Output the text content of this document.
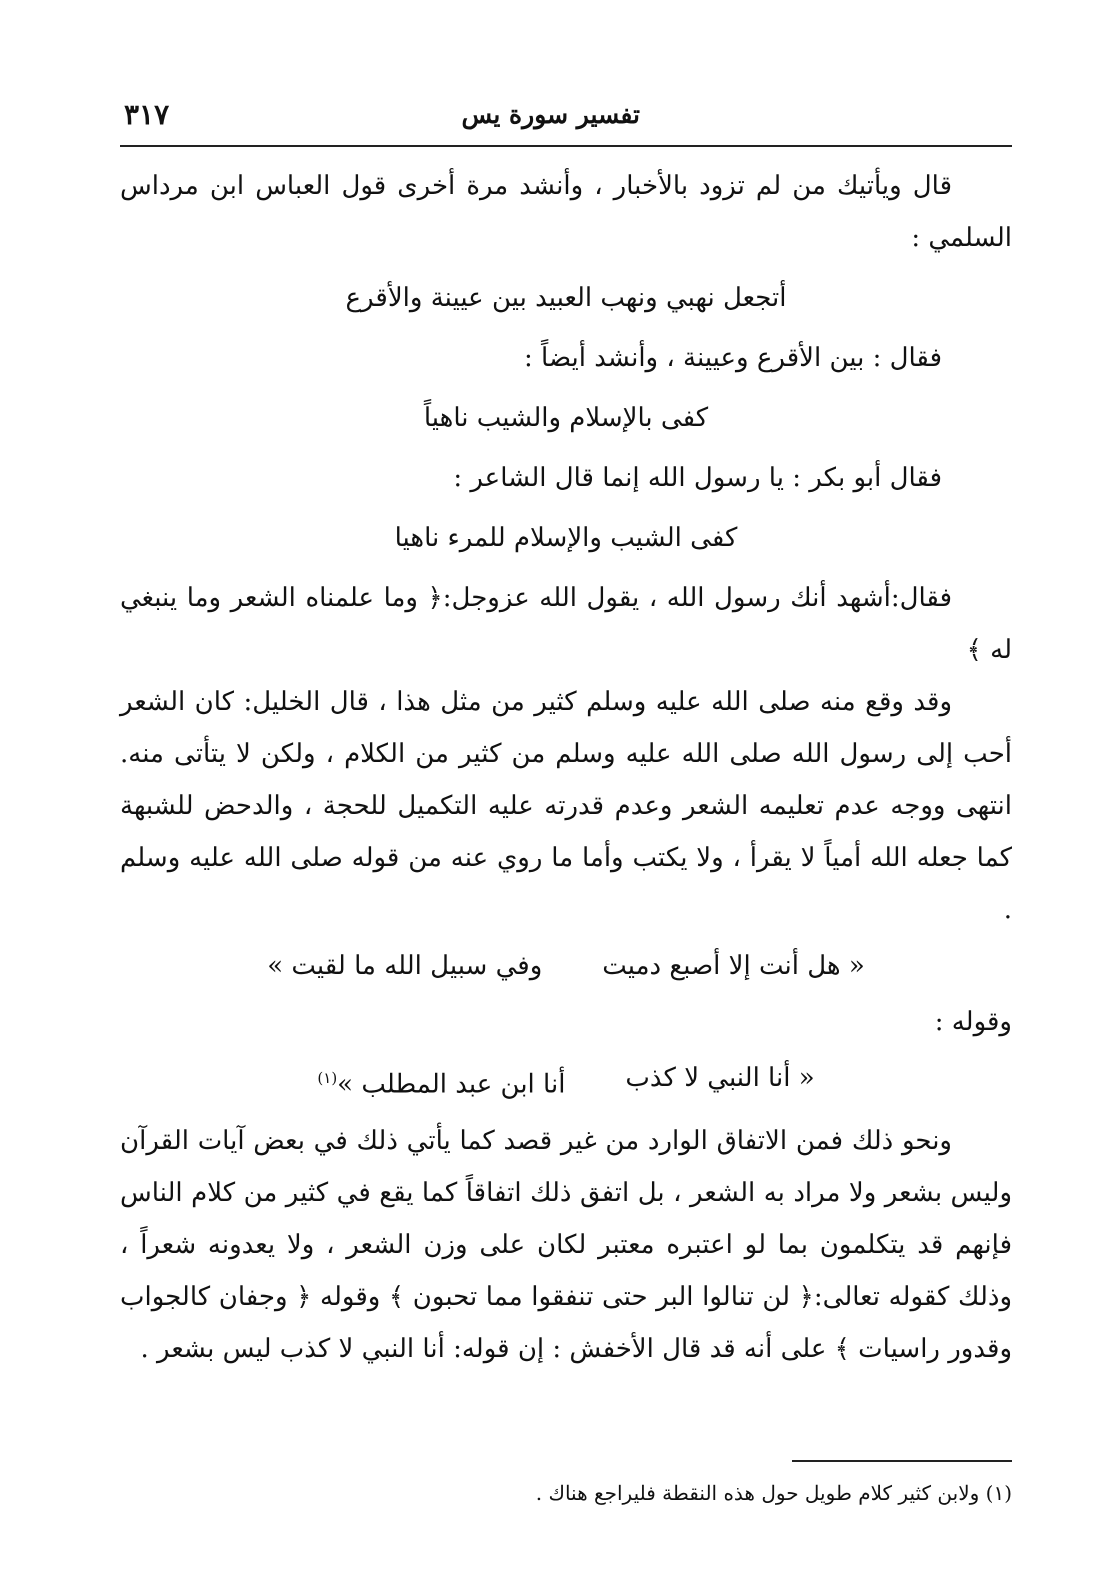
تفسير سورة يس
٣١٧

قال ويأتيك من لم تزود بالأخبار ، وأنشد مرة أخرى قول العباس ابن مرداس السلمي :

أتجعل نهبي ونهب العبيد بين عيينة والأقرع

فقال : بين الأقرع وعيينة ، وأنشد أيضاً :

كفى بالإسلام والشيب ناهياً

فقال أبو بكر : يا رسول الله إنما قال الشاعر :

كفى الشيب والإسلام للمرء ناهيا

فقال:أشهد أنك رسول الله ، يقول الله عزوجل:﴿ وما علمناه الشعر وما ينبغي له ﴾

وقد وقع منه صلى الله عليه وسلم كثير من مثل هذا ، قال الخليل: كان الشعر أحب إلى رسول الله صلى الله عليه وسلم من كثير من الكلام ، ولكن لا يتأتى منه. انتهى ووجه عدم تعليمه الشعر وعدم قدرته عليه التكميل للحجة ، والدحض للشبهة كما جعله الله أمياً لا يقرأ ، ولا يكتب وأما ما روي عنه من قوله صلى الله عليه وسلم .

« هل أنت إلا أصبع دميت
وفي سبيل الله ما لقيت »

وقوله :

« أنا النبي لا كذب
أنا ابن عبد المطلب »$^{(١)}$

ونحو ذلك فمن الاتفاق الوارد من غير قصد كما يأتي ذلك في بعض آيات القرآن وليس بشعر ولا مراد به الشعر ، بل اتفق ذلك اتفاقاً كما يقع في كثير من كلام الناس فإنهم قد يتكلمون بما لو اعتبره معتبر لكان على وزن الشعر ، ولا يعدونه شعراً ، وذلك كقوله تعالى:﴿ لن تنالوا البر حتى تنفقوا مما تحبون ﴾ وقوله ﴿ وجفان كالجواب وقدور راسيات ﴾ على أنه قد قال الأخفش : إن قوله: أنا النبي لا كذب ليس بشعر .

(١) ولابن كثير كلام طويل حول هذه النقطة فليراجع هناك .
